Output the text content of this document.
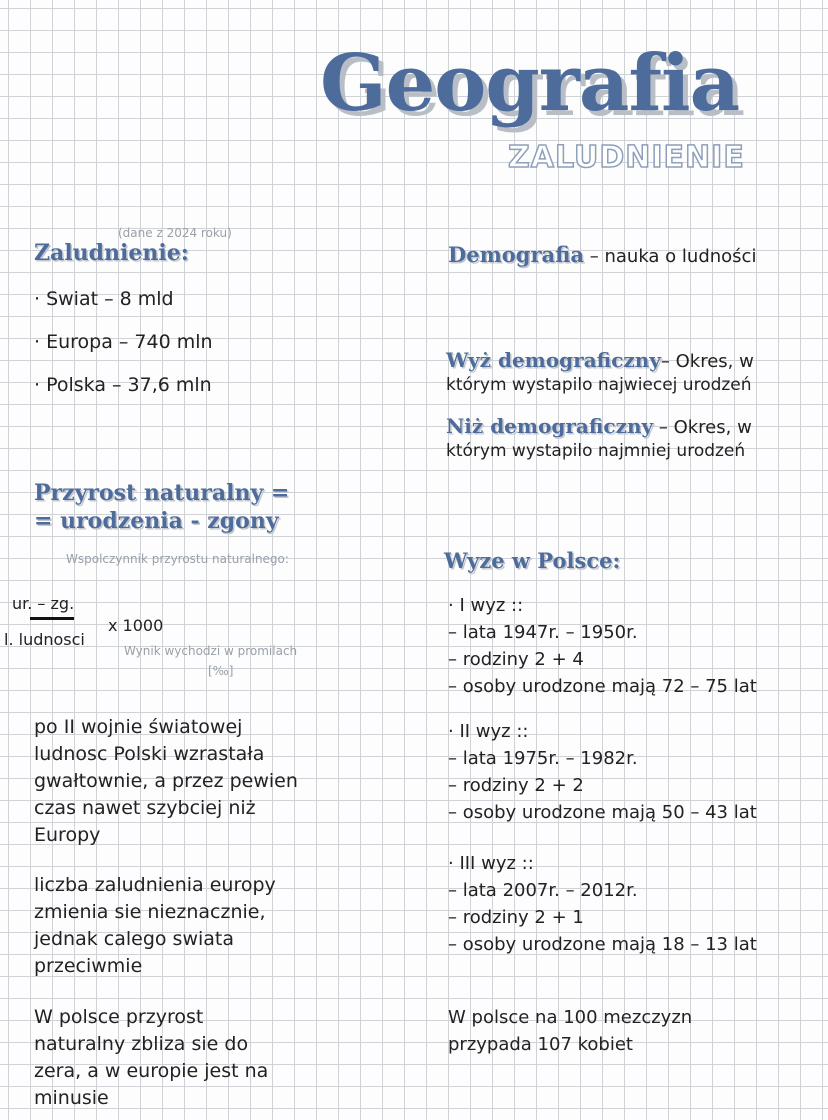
Geografia
ZALUDNIENIE
(dane z 2024 roku)
Zaludnienie:
· Swiat – 8 mld
· Europa – 740 mln
· Polska – 37,6 mln
Przyrost naturalny =
= urodzenia - zgony
Wspolczynnik przyrostu naturalnego:
ur. – zg.
l. ludnosci
x 1000
Wynik wychodzi w promilach
[‰]
po II wojnie światowej
ludnosc Polski wzrastała
gwałtownie, a przez pewien
czas nawet szybciej niż
Europy
liczba zaludnienia europy
zmienia sie nieznacznie,
jednak calego swiata
przeciwmie
W polsce przyrost
naturalny zbliza sie do
zera, a w europie jest na
minusie
Demografia – nauka o ludności
Wyż demograficzny– Okres, w
którym wystapilo najwiecej urodzeń
Niż demograficzny – Okres, w
którym wystapilo najmniej urodzeń
Wyze w Polsce:
· I wyz ::
– lata 1947r. – 1950r.
– rodziny 2 + 4
– osoby urodzone mają 72 – 75 lat
· II wyz ::
– lata 1975r. – 1982r.
– rodziny 2 + 2
– osoby urodzone mają 50 – 43 lat
· III wyz ::
– lata 2007r. – 2012r.
– rodziny 2 + 1
– osoby urodzone mają 18 – 13 lat
W polsce na 100 mezczyzn
przypada 107 kobiet
